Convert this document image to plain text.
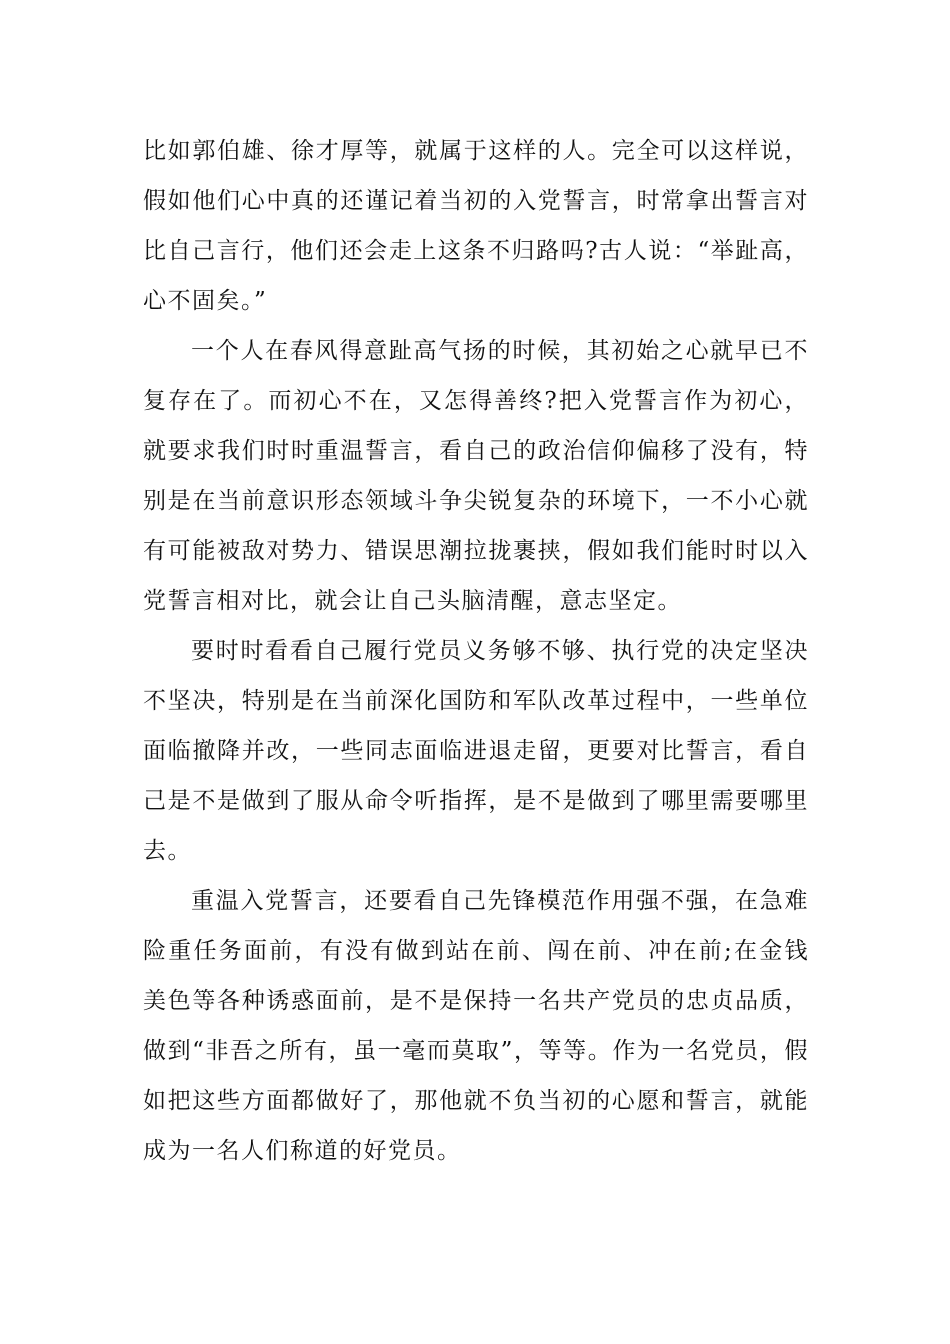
比如郭伯雄、徐才厚等，就属于这样的人。完全可以这样说，假如他们心中真的还谨记着当初的入党誓言，时常拿出誓言对比自己言行，他们还会走上这条不归路吗?古人说：“举趾高，心不固矣。”

一个人在春风得意趾高气扬的时候，其初始之心就早已不复存在了。而初心不在，又怎得善终?把入党誓言作为初心，就要求我们时时重温誓言，看自己的政治信仰偏移了没有，特别是在当前意识形态领域斗争尖锐复杂的环境下，一不小心就有可能被敌对势力、错误思潮拉拢裹挟，假如我们能时时以入党誓言相对比，就会让自己头脑清醒，意志坚定。

要时时看看自己履行党员义务够不够、执行党的决定坚决不坚决，特别是在当前深化国防和军队改革过程中，一些单位面临撤降并改，一些同志面临进退走留，更要对比誓言，看自己是不是做到了服从命令听指挥，是不是做到了哪里需要哪里去。

重温入党誓言，还要看自己先锋模范作用强不强，在急难险重任务面前，有没有做到站在前、闯在前、冲在前;在金钱美色等各种诱惑面前，是不是保持一名共产党员的忠贞品质，做到“非吾之所有，虽一毫而莫取”，等等。作为一名党员，假如把这些方面都做好了，那他就不负当初的心愿和誓言，就能成为一名人们称道的好党员。
